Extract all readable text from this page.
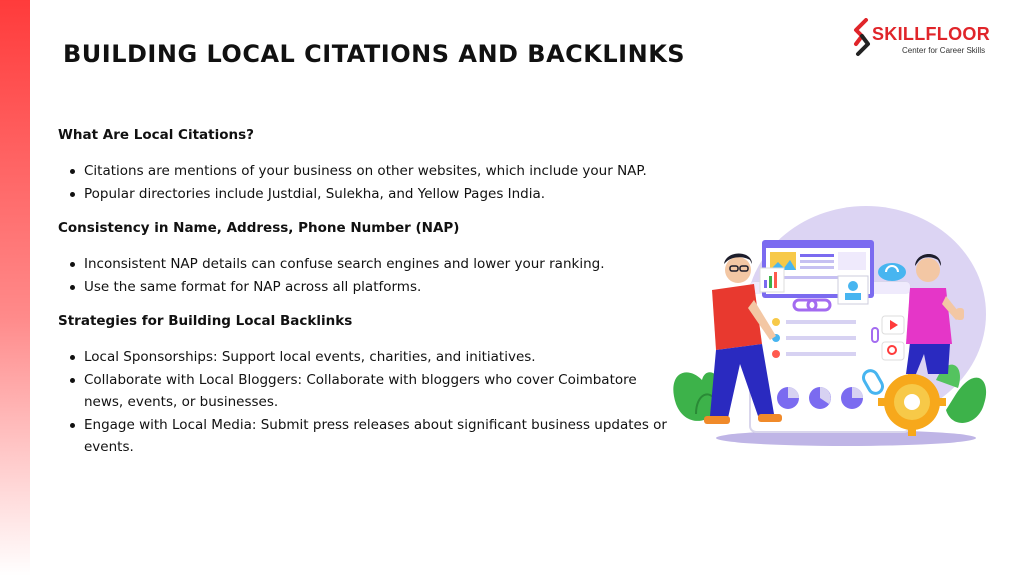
BUILDING LOCAL CITATIONS AND BACKLINKS
SKILLFLOOR
Center for Career Skills
What Are Local Citations?
Citations are mentions of your business on other websites, which include your NAP.
Popular directories include Justdial, Sulekha, and Yellow Pages India.
Consistency in Name, Address, Phone Number (NAP)
Inconsistent NAP details can confuse search engines and lower your ranking.
Use the same format for NAP across all platforms.
Strategies for Building Local Backlinks
Local Sponsorships: Support local events, charities, and initiatives.
Collaborate with Local Bloggers: Collaborate with bloggers who cover Coimbatore news, events, or businesses.
Engage with Local Media: Submit press releases about significant business updates or events.
